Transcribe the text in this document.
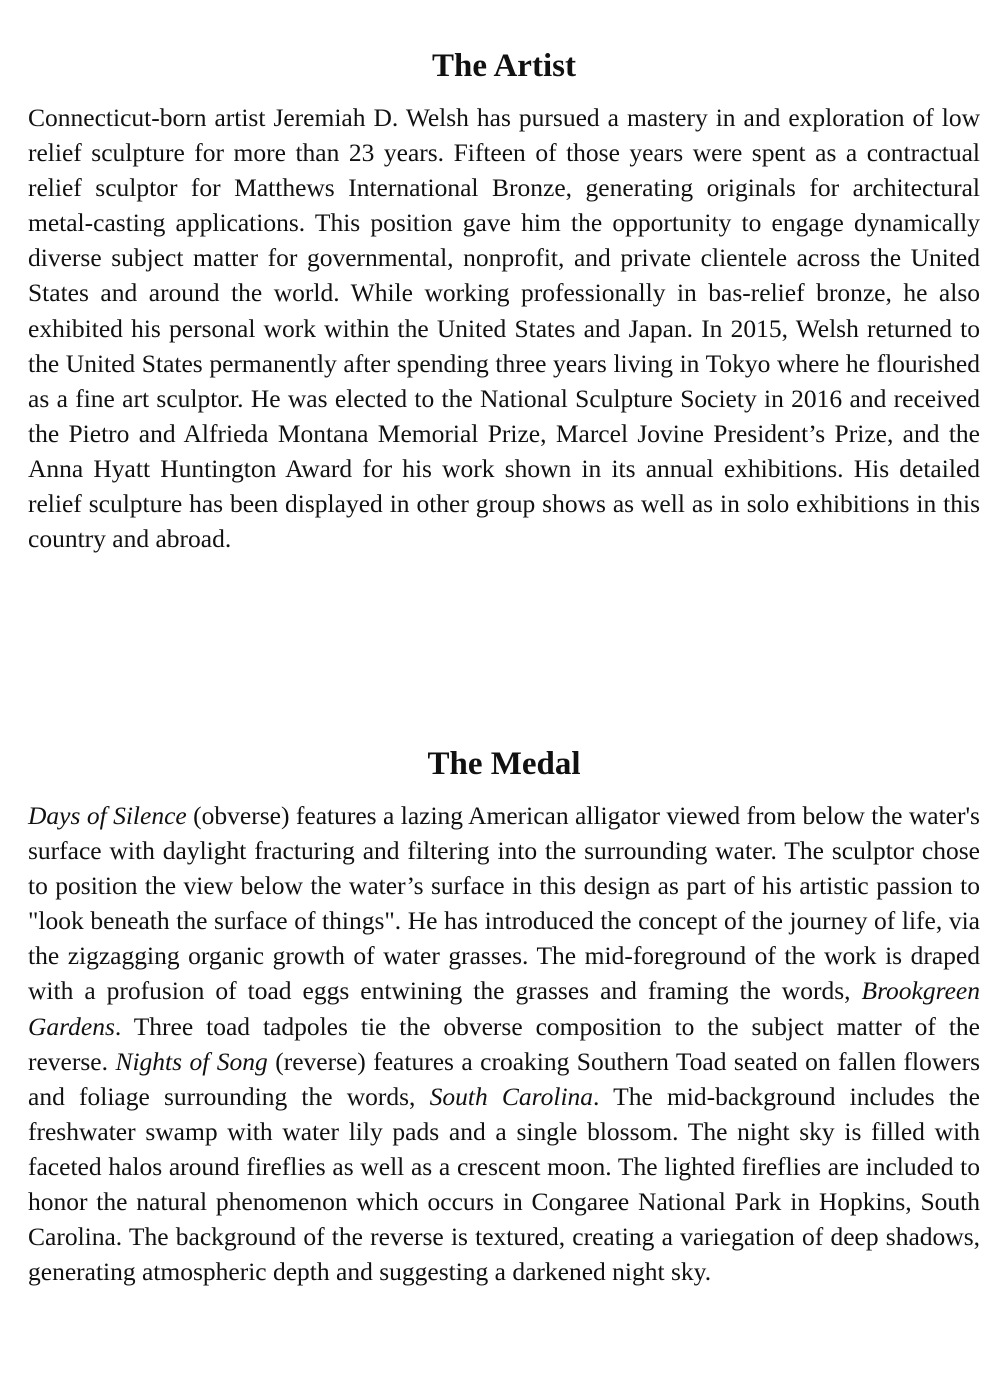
The Artist

Connecticut-born artist Jeremiah D. Welsh has pursued a mastery in and exploration of low relief sculpture for more than 23 years. Fifteen of those years were spent as a contractual relief sculptor for Matthews International Bronze, generating originals for architectural metal-casting applications. This position gave him the opportunity to engage dynamically diverse subject matter for governmental, nonprofit, and private clientele across the United States and around the world. While working professionally in bas-relief bronze, he also exhibited his personal work within the United States and Japan. In 2015, Welsh returned to the United States permanently after spending three years living in Tokyo where he flourished as a fine art sculptor. He was elected to the National Sculpture Society in 2016 and received the Pietro and Alfrieda Montana Memorial Prize, Marcel Jovine President’s Prize, and the Anna Hyatt Huntington Award for his work shown in its annual exhibitions. His detailed relief sculpture has been displayed in other group shows as well as in solo exhibitions in this country and abroad.

The Medal

Days of Silence (obverse) features a lazing American alligator viewed from below the water's surface with daylight fracturing and filtering into the surrounding water. The sculptor chose to position the view below the water’s surface in this design as part of his artistic passion to "look beneath the surface of things". He has introduced the concept of the journey of life, via the zigzagging organic growth of water grasses. The mid-foreground of the work is draped with a profusion of toad eggs entwining the grasses and framing the words, Brookgreen Gardens. Three toad tadpoles tie the obverse composition to the subject matter of the reverse. Nights of Song (reverse) features a croaking Southern Toad seated on fallen flowers and foliage surrounding the words, South Carolina. The mid-background includes the freshwater swamp with water lily pads and a single blossom. The night sky is filled with faceted halos around fireflies as well as a crescent moon. The lighted fireflies are included to honor the natural phenomenon which occurs in Congaree National Park in Hopkins, South Carolina. The background of the reverse is textured, creating a variegation of deep shadows, generating atmospheric depth and suggesting a darkened night sky.
